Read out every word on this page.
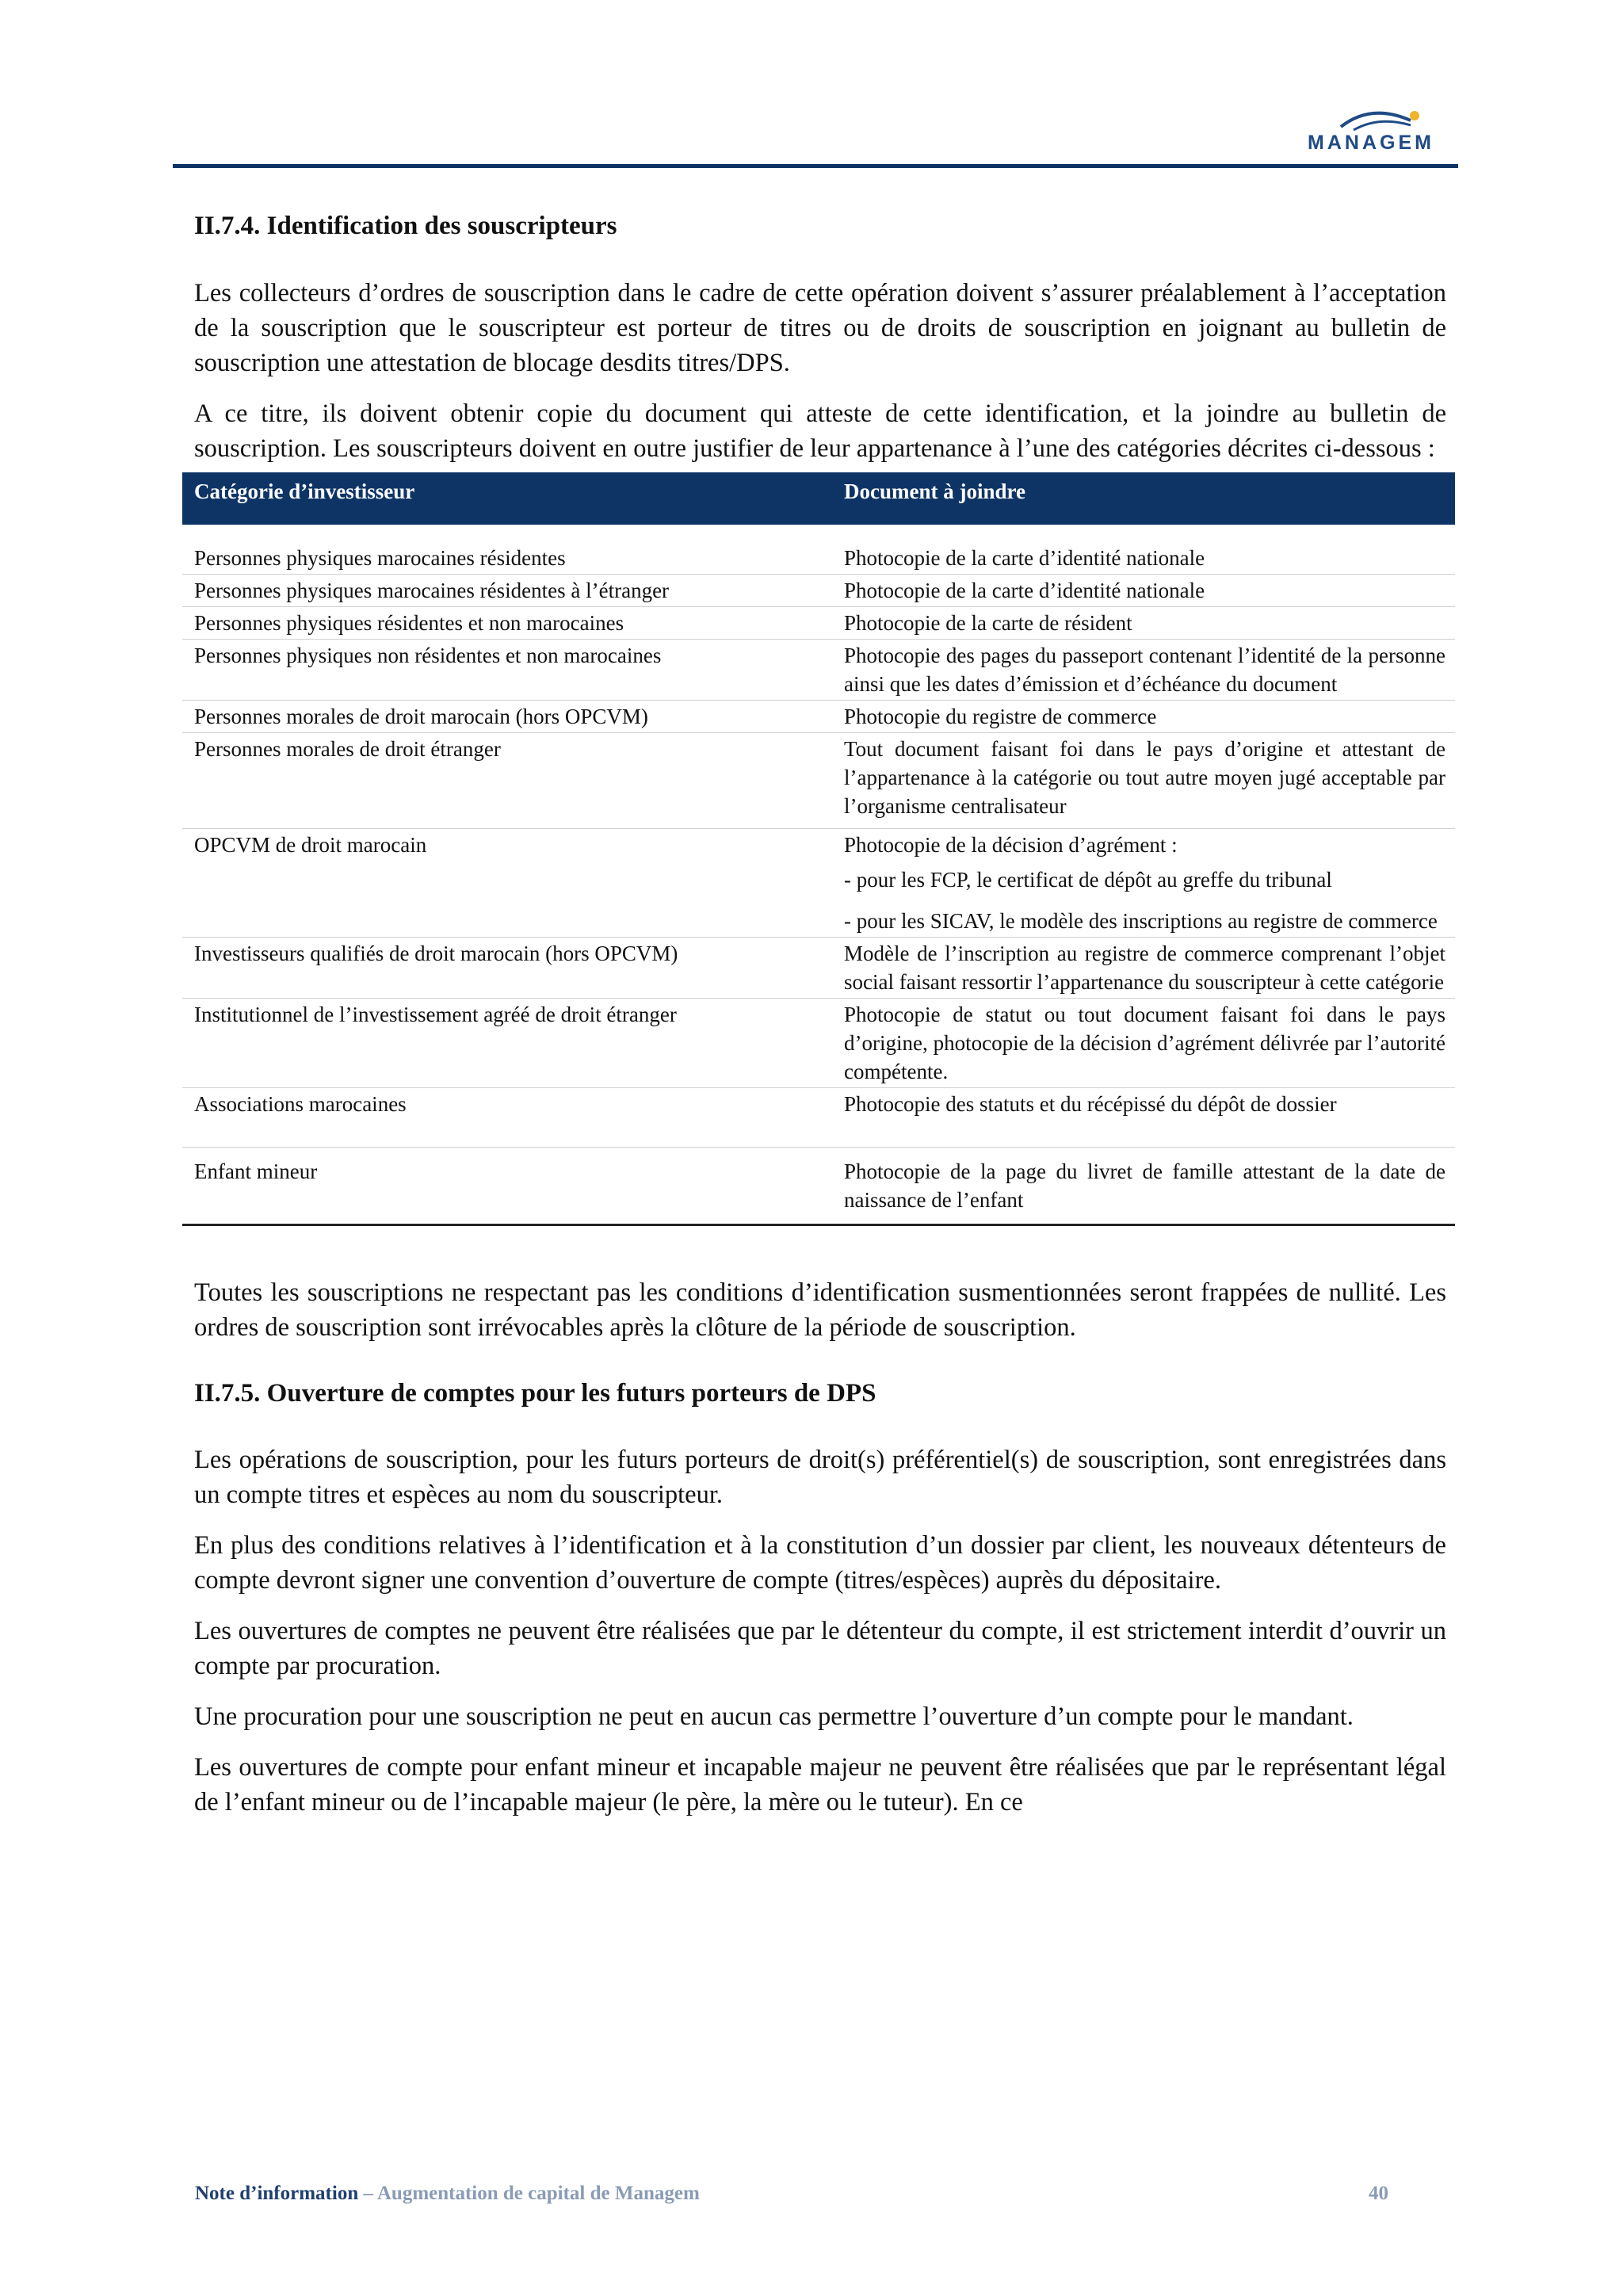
MANAGEM
II.7.4. Identification des souscripteurs

Les collecteurs d’ordres de souscription dans le cadre de cette opération doivent s’assurer préalablement à l’acceptation de la souscription que le souscripteur est porteur de titres ou de droits de souscription en joignant au bulletin de souscription une attestation de blocage desdits titres/DPS.

A ce titre, ils doivent obtenir copie du document qui atteste de cette identification, et la joindre au bulletin de souscription. Les souscripteurs doivent en outre justifier de leur appartenance à l’une des catégories décrites ci-dessous :

Catégorie d’investisseur	Document à joindre
Personnes physiques marocaines résidentes	Photocopie de la carte d’identité nationale
Personnes physiques marocaines résidentes à l’étranger	Photocopie de la carte d’identité nationale
Personnes physiques résidentes et non marocaines	Photocopie de la carte de résident
Personnes physiques non résidentes et non marocaines	Photocopie des pages du passeport contenant l’identité de la personne ainsi que les dates d’émission et d’échéance du document
Personnes morales de droit marocain (hors OPCVM)	Photocopie du registre de commerce
Personnes morales de droit étranger	Tout document faisant foi dans le pays d’origine et attestant de l’appartenance à la catégorie ou tout autre moyen jugé acceptable par l’organisme centralisateur
OPCVM de droit marocain	Photocopie de la décision d’agrément :
- pour les FCP, le certificat de dépôt au greffe du tribunal
- pour les SICAV, le modèle des inscriptions au registre de commerce

Investisseurs qualifiés de droit marocain (hors OPCVM)	Modèle de l’inscription au registre de commerce comprenant l’objet social faisant ressortir l’appartenance du souscripteur à cette catégorie
Institutionnel de l’investissement agréé de droit étranger	Photocopie de statut ou tout document faisant foi dans le pays d’origine, photocopie de la décision d’agrément délivrée par l’autorité compétente.
Associations marocaines	Photocopie des statuts et du récépissé du dépôt de dossier
Enfant mineur	Photocopie de la page du livret de famille attestant de la date de naissance de l’enfant

Toutes les souscriptions ne respectant pas les conditions d’identification susmentionnées seront frappées de nullité. Les ordres de souscription sont irrévocables après la clôture de la période de souscription.

II.7.5. Ouverture de comptes pour les futurs porteurs de DPS

Les opérations de souscription, pour les futurs porteurs de droit(s) préférentiel(s) de souscription, sont enregistrées dans un compte titres et espèces au nom du souscripteur.

En plus des conditions relatives à l’identification et à la constitution d’un dossier par client, les nouveaux détenteurs de compte devront signer une convention d’ouverture de compte (titres/espèces) auprès du dépositaire.

Les ouvertures de comptes ne peuvent être réalisées que par le détenteur du compte, il est strictement interdit d’ouvrir un compte par procuration.

Une procuration pour une souscription ne peut en aucun cas permettre l’ouverture d’un compte pour le mandant.

Les ouvertures de compte pour enfant mineur et incapable majeur ne peuvent être réalisées que par le représentant légal de l’enfant mineur ou de l’incapable majeur (le père, la mère ou le tuteur). En ce

Note d’information – Augmentation de capital de Managem	40
